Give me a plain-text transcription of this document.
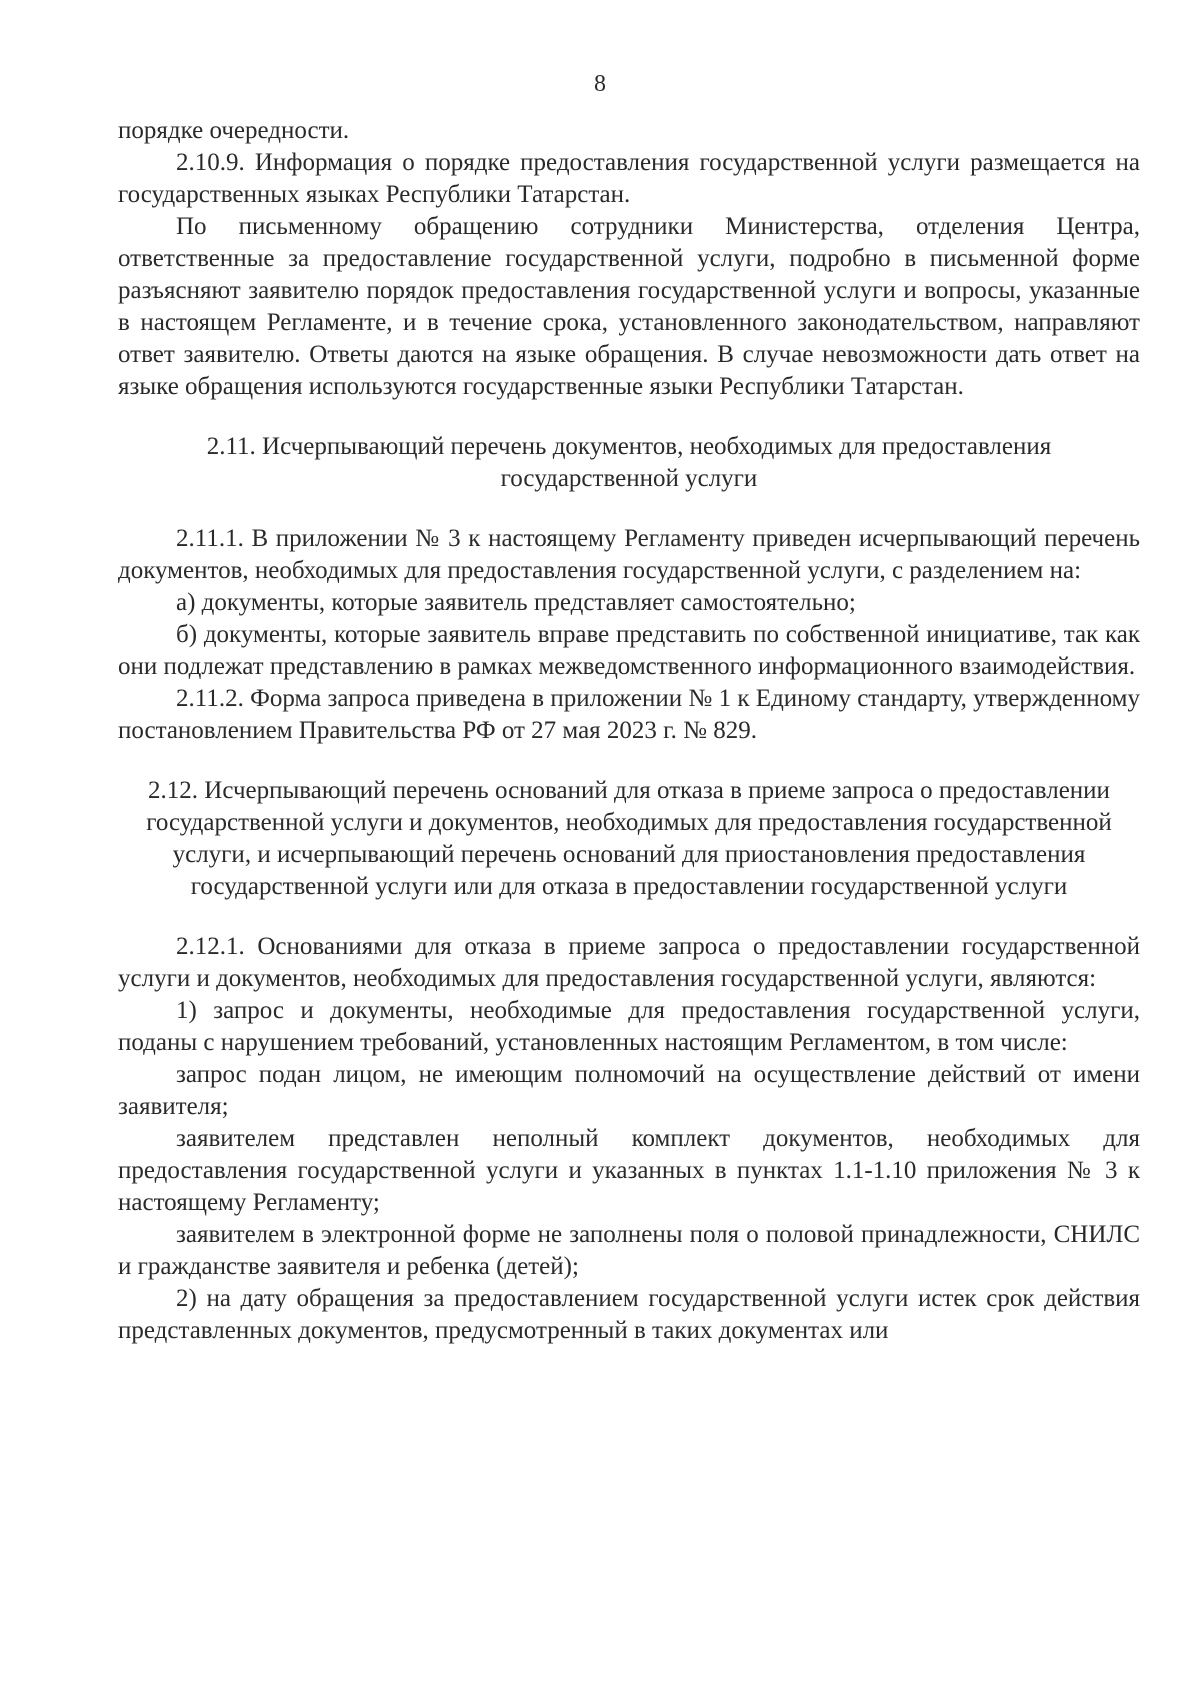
8

порядке очередности.

2.10.9. Информация о порядке предоставления государственной услуги размещается на государственных языках Республики Татарстан.

По письменному обращению сотрудники Министерства, отделения Центра, ответственные за предоставление государственной услуги, подробно в письменной форме разъясняют заявителю порядок предоставления государственной услуги и вопросы, указанные в настоящем Регламенте, и в течение срока, установленного законодательством, направляют ответ заявителю. Ответы даются на языке обращения. В случае невозможности дать ответ на языке обращения используются государственные языки Республики Татарстан.

2.11. Исчерпывающий перечень документов, необходимых для предоставления государственной услуги

2.11.1. В приложении № 3 к настоящему Регламенту приведен исчерпывающий перечень документов, необходимых для предоставления государственной услуги, с разделением на:

а) документы, которые заявитель представляет самостоятельно;

б) документы, которые заявитель вправе представить по собственной инициативе, так как они подлежат представлению в рамках межведомственного информационного взаимодействия.

2.11.2. Форма запроса приведена в приложении № 1 к Единому стандарту, утвержденному постановлением Правительства РФ от 27 мая 2023 г. № 829.

2.12. Исчерпывающий перечень оснований для отказа в приеме запроса о предоставлении государственной услуги и документов, необходимых для предоставления государственной услуги, и исчерпывающий перечень оснований для приостановления предоставления государственной услуги или для отказа в предоставлении государственной услуги

2.12.1. Основаниями для отказа в приеме запроса о предоставлении государственной услуги и документов, необходимых для предоставления государственной услуги, являются:

1) запрос и документы, необходимые для предоставления государственной услуги, поданы с нарушением требований, установленных настоящим Регламентом, в том числе:

запрос подан лицом, не имеющим полномочий на осуществление действий от имени заявителя;

заявителем представлен неполный комплект документов, необходимых для предоставления государственной услуги и указанных в пунктах 1.1-1.10 приложения № 3 к настоящему Регламенту;

заявителем в электронной форме не заполнены поля о половой принадлежности, СНИЛС и гражданстве заявителя и ребенка (детей);

2) на дату обращения за предоставлением государственной услуги истек срок действия представленных документов, предусмотренный в таких документах или
